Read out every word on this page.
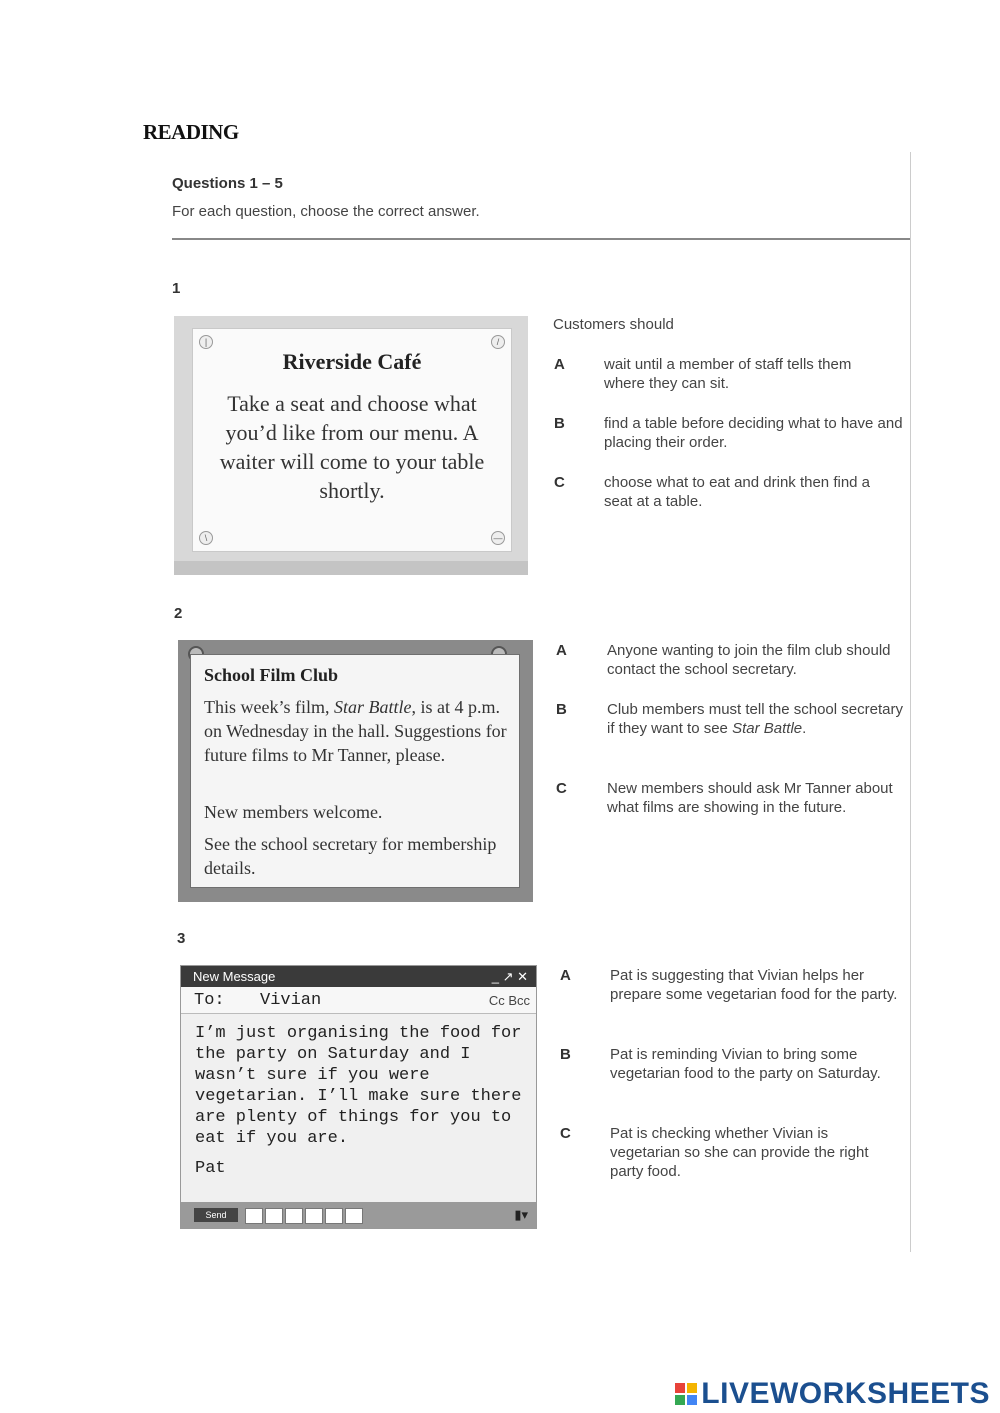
READING
Questions 1 – 5
For each question, choose the correct answer.
1
|	/
\	—
Riverside Café
Take a seat and choose what you’d like from our menu. A waiter will come to your table shortly.
Customers should
A	wait until a member of staff tells them where they can sit.
B	find a table before deciding what to have and placing their order.
C	choose what to eat and drink then find a seat at a table.
2
School Film Club

This week’s film, Star Battle, is at 4 p.m. on Wednesday in the hall. Suggestions for future films to Mr Tanner, please.

New members welcome.

See the school secretary for membership details.

A	Anyone wanting to join the film club should contact the school secretary.
B	Club members must tell the school secretary if they want to see Star Battle.
C	New members should ask Mr Tanner about what films are showing in the future.
3
New Message	_ ↗ ✕
To: Vivian	Cc Bcc
I’m just organising the food for the party on Saturday and I wasn’t sure if you were vegetarian. I’ll make sure there are plenty of things for you to eat if you are.
Pat
Send	▮▾
A	Pat is suggesting that Vivian helps her prepare some vegetarian food for the party.
B	Pat is reminding Vivian to bring some vegetarian food to the party on Saturday.
C	Pat is checking whether Vivian is vegetarian so she can provide the right party food.
LIVEWORKSHEETS
